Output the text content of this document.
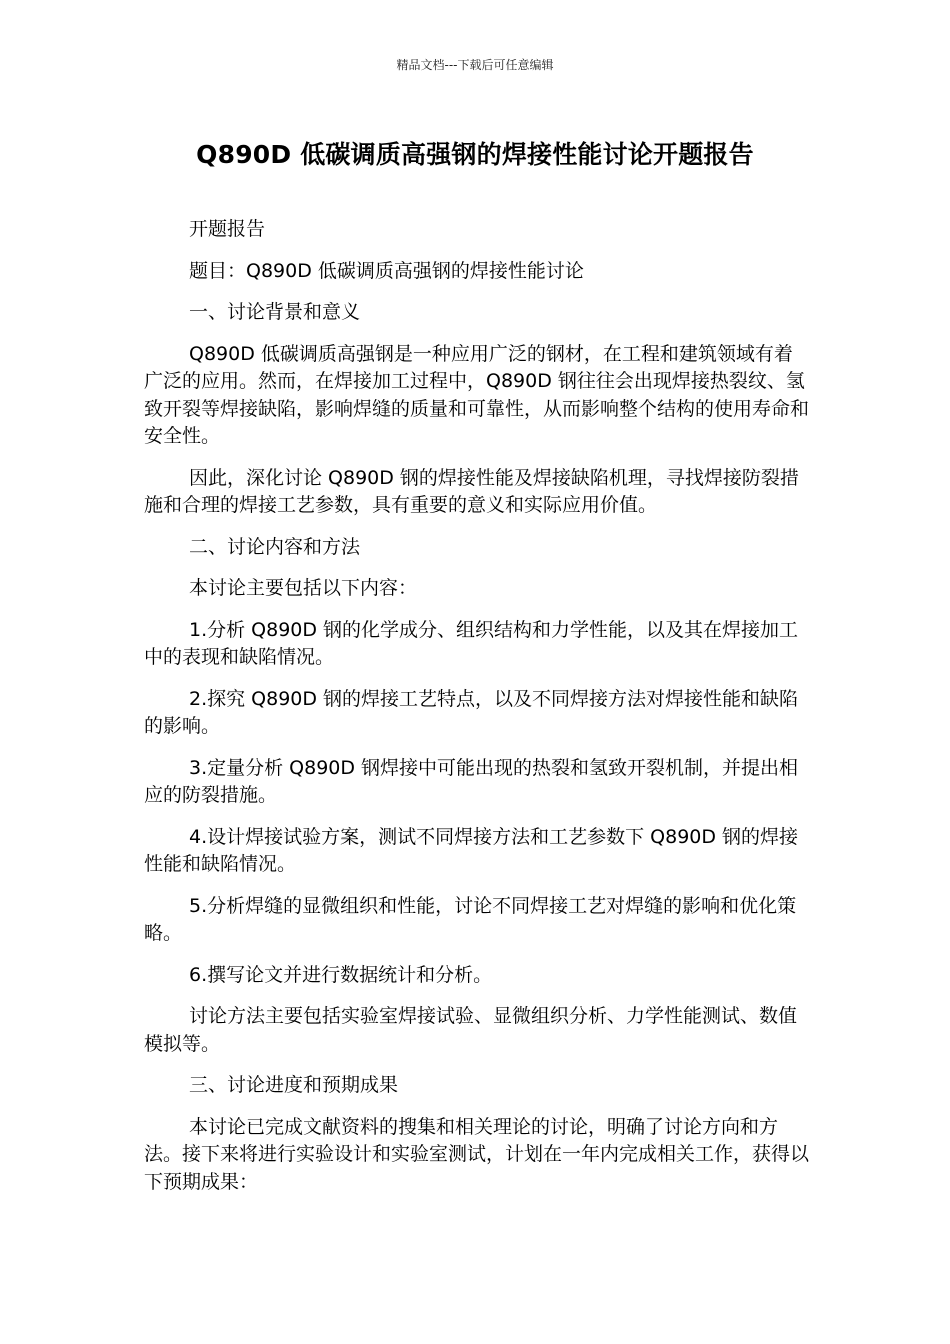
精品文档---下载后可任意编辑
Q890D 低碳调质高强钢的焊接性能讨论开题报告

开题报告

题目：Q890D 低碳调质高强钢的焊接性能讨论

一、讨论背景和意义

Q890D 低碳调质高强钢是一种应用广泛的钢材，在工程和建筑领域有着广泛的应用。然而，在焊接加工过程中，Q890D 钢往往会出现焊接热裂纹、氢致开裂等焊接缺陷，影响焊缝的质量和可靠性，从而影响整个结构的使用寿命和安全性。

因此，深化讨论 Q890D 钢的焊接性能及焊接缺陷机理，寻找焊接防裂措施和合理的焊接工艺参数，具有重要的意义和实际应用价值。

二、讨论内容和方法

本讨论主要包括以下内容：

1.分析 Q890D 钢的化学成分、组织结构和力学性能，以及其在焊接加工中的表现和缺陷情况。

2.探究 Q890D 钢的焊接工艺特点，以及不同焊接方法对焊接性能和缺陷的影响。

3.定量分析 Q890D 钢焊接中可能出现的热裂和氢致开裂机制，并提出相应的防裂措施。

4.设计焊接试验方案，测试不同焊接方法和工艺参数下 Q890D 钢的焊接性能和缺陷情况。

5.分析焊缝的显微组织和性能，讨论不同焊接工艺对焊缝的影响和优化策略。

6.撰写论文并进行数据统计和分析。

讨论方法主要包括实验室焊接试验、显微组织分析、力学性能测试、数值模拟等。

三、讨论进度和预期成果

本讨论已完成文献资料的搜集和相关理论的讨论，明确了讨论方向和方法。接下来将进行实验设计和实验室测试，计划在一年内完成相关工作，获得以下预期成果：
